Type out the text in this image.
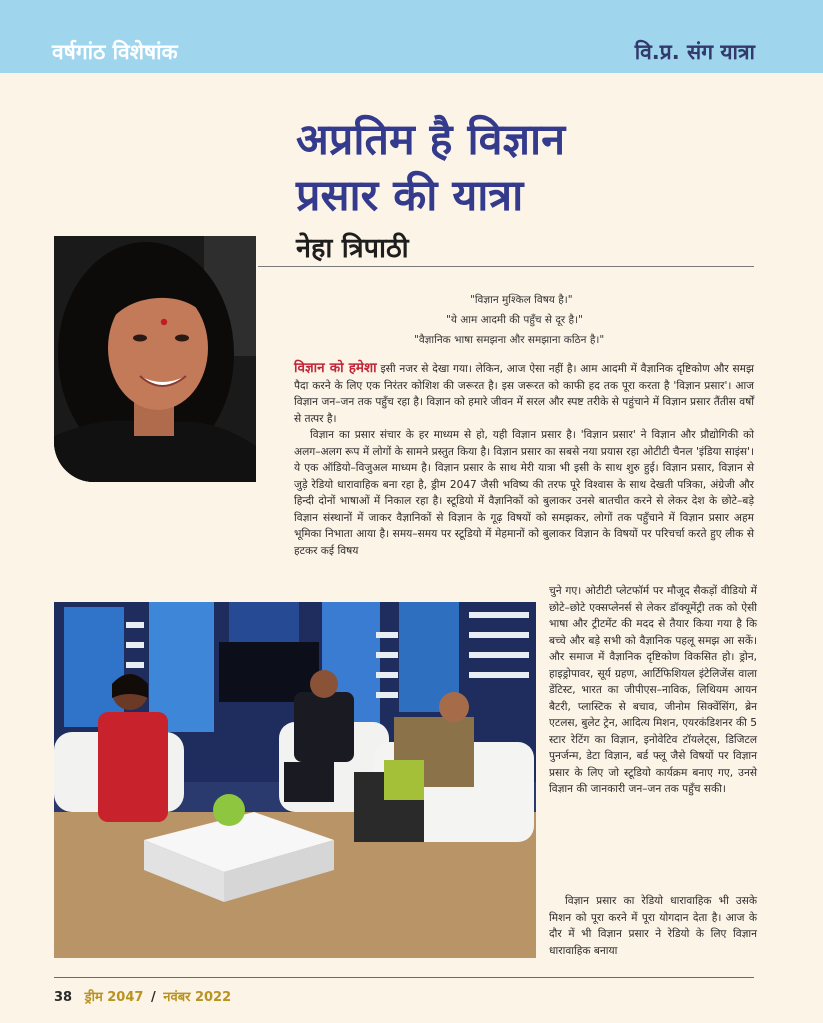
वर्षगांठ विशेषांक	वि.प्र. संग यात्रा
अप्रतिम है विज्ञान
प्रसार की यात्रा
नेहा त्रिपाठी
"विज्ञान मुश्किल विषय है।"
"ये आम आदमी की पहुँच से दूर है।"
"वैज्ञानिक भाषा समझना और समझाना कठिन है।"
विज्ञान को हमेशा इसी नजर से देखा गया। लेकिन, आज ऐसा नहीं है। आम आदमी में वैज्ञानिक दृष्टिकोण और समझ पैदा करने के लिए एक निरंतर कोशिश की जरूरत है। इस जरूरत को काफी हद तक पूरा करता है 'विज्ञान प्रसार'। आज विज्ञान जन–जन तक पहुँच रहा है। विज्ञान को हमारे जीवन में सरल और स्पष्ट तरीके से पहुंचाने में विज्ञान प्रसार तैंतीस वर्षों से तत्पर है।
विज्ञान का प्रसार संचार के हर माध्यम से हो, यही विज्ञान प्रसार है। 'विज्ञान प्रसार' ने विज्ञान और प्रौद्योगिकी को अलग–अलग रूप में लोगों के सामने प्रस्तुत किया है। विज्ञान प्रसार का सबसे नया प्रयास रहा ओटीटी चैनल 'इंडिया साइंस'। ये एक ऑडियो–विजुअल माध्यम है। विज्ञान प्रसार के साथ मेरी यात्रा भी इसी के साथ शुरु हुई। विज्ञान प्रसार, विज्ञान से जुड़े रेडियो धारावाहिक बना रहा है, ड्रीम 2047 जैसी भविष्य की तरफ पूरे विश्वास के साथ देखती पत्रिका, अंग्रेजी और हिन्दी दोनों भाषाओं में निकाल रहा है। स्टूडियो में वैज्ञानिकों को बुलाकर उनसे बातचीत करने से लेकर देश के छोटे–बड़े विज्ञान संस्थानों में जाकर वैज्ञानिकों से विज्ञान के गूढ़ विषयों को समझकर, लोगों तक पहुँचाने में विज्ञान प्रसार अहम भूमिका निभाता आया है। समय–समय पर स्टूडियो में मेहमानों को बुलाकर विज्ञान के विषयों पर परिचर्चा करते हुए लीक से हटकर कई विषय
चुने गए। ओटीटी प्लेटफॉर्म पर मौजूद सैकड़ों वीडियो में छोटे–छोटे एक्सप्लेनर्स से लेकर डॉक्यूमेंट्री तक को ऐसी भाषा और ट्रीटमेंट की मदद से तैयार किया गया है कि बच्चे और बड़े सभी को वैज्ञानिक पहलू समझ आ सकें। और समाज में वैज्ञानिक दृष्टिकोण विकसित हो। ड्रोन, हाइड्रोपावर, सूर्य ग्रहण, आर्टिफिशियल इंटेलिजेंस वाला डेंटिस्ट, भारत का जीपीएस–नाविक, लिथियम आयन बैटरी, प्लास्टिक से बचाव, जीनोम सिक्वेंसिंग, ब्रेन एटलस, बुलेट ट्रेन, आदित्य मिशन, एयरकंडिशनर की 5 स्टार रेटिंग का विज्ञान, इनोवेटिव टॉयलेट्स, डिजिटल पुनर्जन्म, डेटा विज्ञान, बर्ड फ्लू जैसे विषयों पर विज्ञान प्रसार के लिए जो स्टूडियो कार्यक्रम बनाए गए, उनसे विज्ञान की जानकारी जन–जन तक पहुँच सकी।
विज्ञान प्रसार का रेडियो धारावाहिक भी उसके मिशन को पूरा करने में पूरा योगदान देता है। आज के दौर में भी विज्ञान प्रसार ने रेडियो के लिए विज्ञान धारावाहिक बनाया
38 ड्रीम 2047 / नवंबर 2022
